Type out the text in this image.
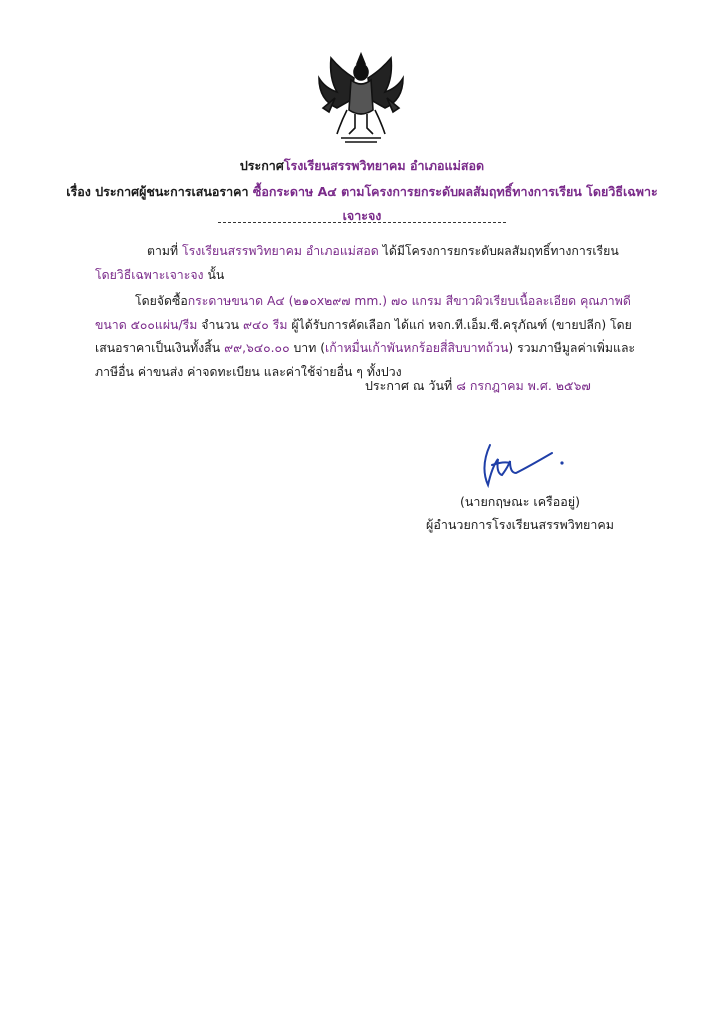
ประกาศโรงเรียนสรรพวิทยาคม อำเภอแม่สอด
เรื่อง ประกาศผู้ชนะการเสนอราคา ซื้อกระดาษ A๔ ตามโครงการยกระดับผลสัมฤทธิ์ทางการเรียน โดยวิธีเฉพาะเจาะจง
ตามที่ โรงเรียนสรรพวิทยาคม อำเภอแม่สอด ได้มีโครงการยกระดับผลสัมฤทธิ์ทางการเรียน โดยวิธีเฉพาะเจาะจง นั้น
โดยจัดซื้อกระดาษขนาด A๔ (๒๑๐x๒๙๗ mm.) ๗๐ แกรม สีขาวผิวเรียบเนื้อละเอียด คุณภาพดี ขนาด ๕๐๐แผ่น/รีม จำนวน ๙๔๐ รีม ผู้ได้รับการคัดเลือก ได้แก่ หจก.ที.เอ็ม.ซี.ครุภัณฑ์ (ขายปลีก) โดยเสนอราคาเป็นเงินทั้งสิ้น ๙๙,๖๔๐.๐๐ บาท (เก้าหมื่นเก้าพันหกร้อยสี่สิบบาทถ้วน) รวมภาษีมูลค่าเพิ่มและภาษีอื่น ค่าขนส่ง ค่าจดทะเบียน และค่าใช้จ่ายอื่น ๆ ทั้งปวง
ประกาศ ณ วันที่ ๘ กรกฎาคม พ.ศ. ๒๕๖๗
(นายกฤษณะ เครืออยู่)
ผู้อำนวยการโรงเรียนสรรพวิทยาคม
